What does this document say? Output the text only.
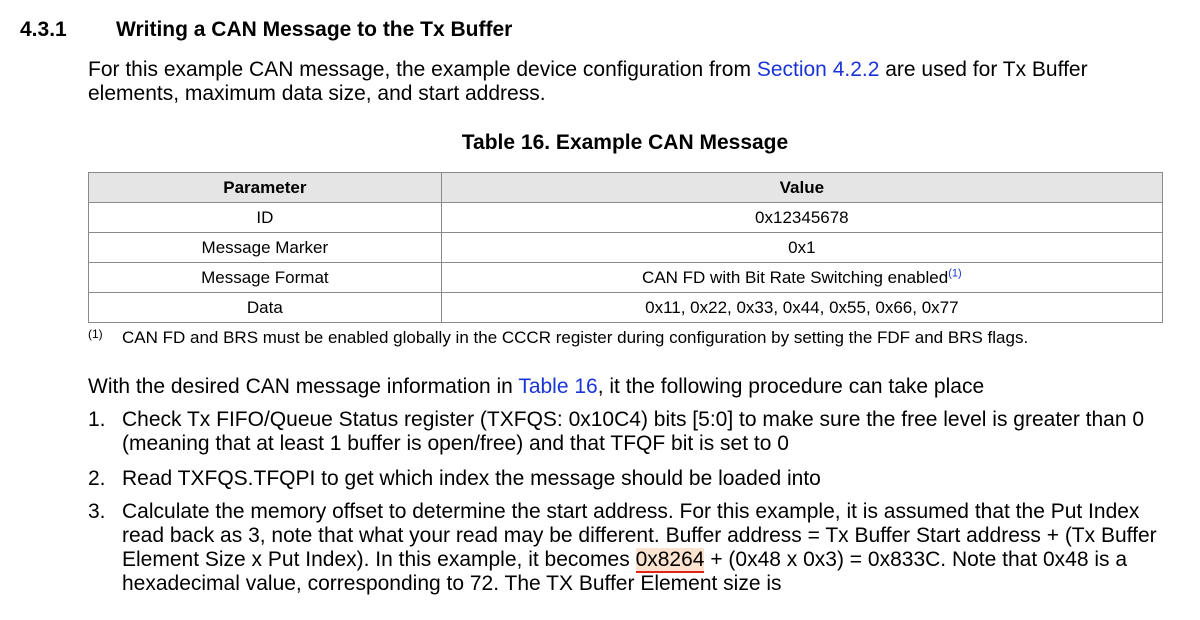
4.3.1 Writing a CAN Message to the Tx Buffer
For this example CAN message, the example device configuration from Section 4.2.2 are used for Tx Buffer elements, maximum data size, and start address.
Table 16. Example CAN Message
Parameter	Value
ID	0x12345678
Message Marker	0x1
Message Format	CAN FD with Bit Rate Switching enabled$^{(1)}$
Data	0x11, 0x22, 0x33, 0x44, 0x55, 0x66, 0x77
(1) CAN FD and BRS must be enabled globally in the CCCR register during configuration by setting the FDF and BRS flags.
With the desired CAN message information in Table 16, it the following procedure can take place
1. Check Tx FIFO/Queue Status register (TXFQS: 0x10C4) bits [5:0] to make sure the free level is greater than 0 (meaning that at least 1 buffer is open/free) and that TFQF bit is set to 0
2. Read TXFQS.TFQPI to get which index the message should be loaded into
3. Calculate the memory offset to determine the start address. For this example, it is assumed that the Put Index read back as 3, note that what your read may be different. Buffer address = Tx Buffer Start address + (Tx Buffer Element Size x Put Index). In this example, it becomes 0x8264 + (0x48 x 0x3) = 0x833C. Note that 0x48 is a hexadecimal value, corresponding to 72. The TX Buffer Element size is
